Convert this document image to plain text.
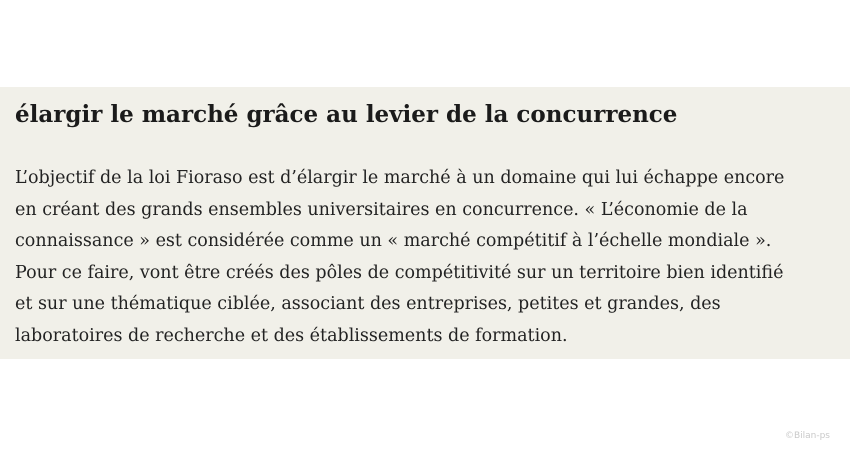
élargir le marché grâce au levier de la concurrence
L’objectif de la loi Fioraso est d’élargir le marché à un domaine qui lui échappe encore
en créant des grands ensembles universitaires en concurrence. « L’économie de la
connaissance » est considérée comme un « marché compétitif à l’échelle mondiale ».
Pour ce faire, vont être créés des pôles de compétitivité sur un territoire bien identifié
et sur une thématique ciblée, associant des entreprises, petites et grandes, des
laboratoires de recherche et des établissements de formation.
©Bilan-ps
